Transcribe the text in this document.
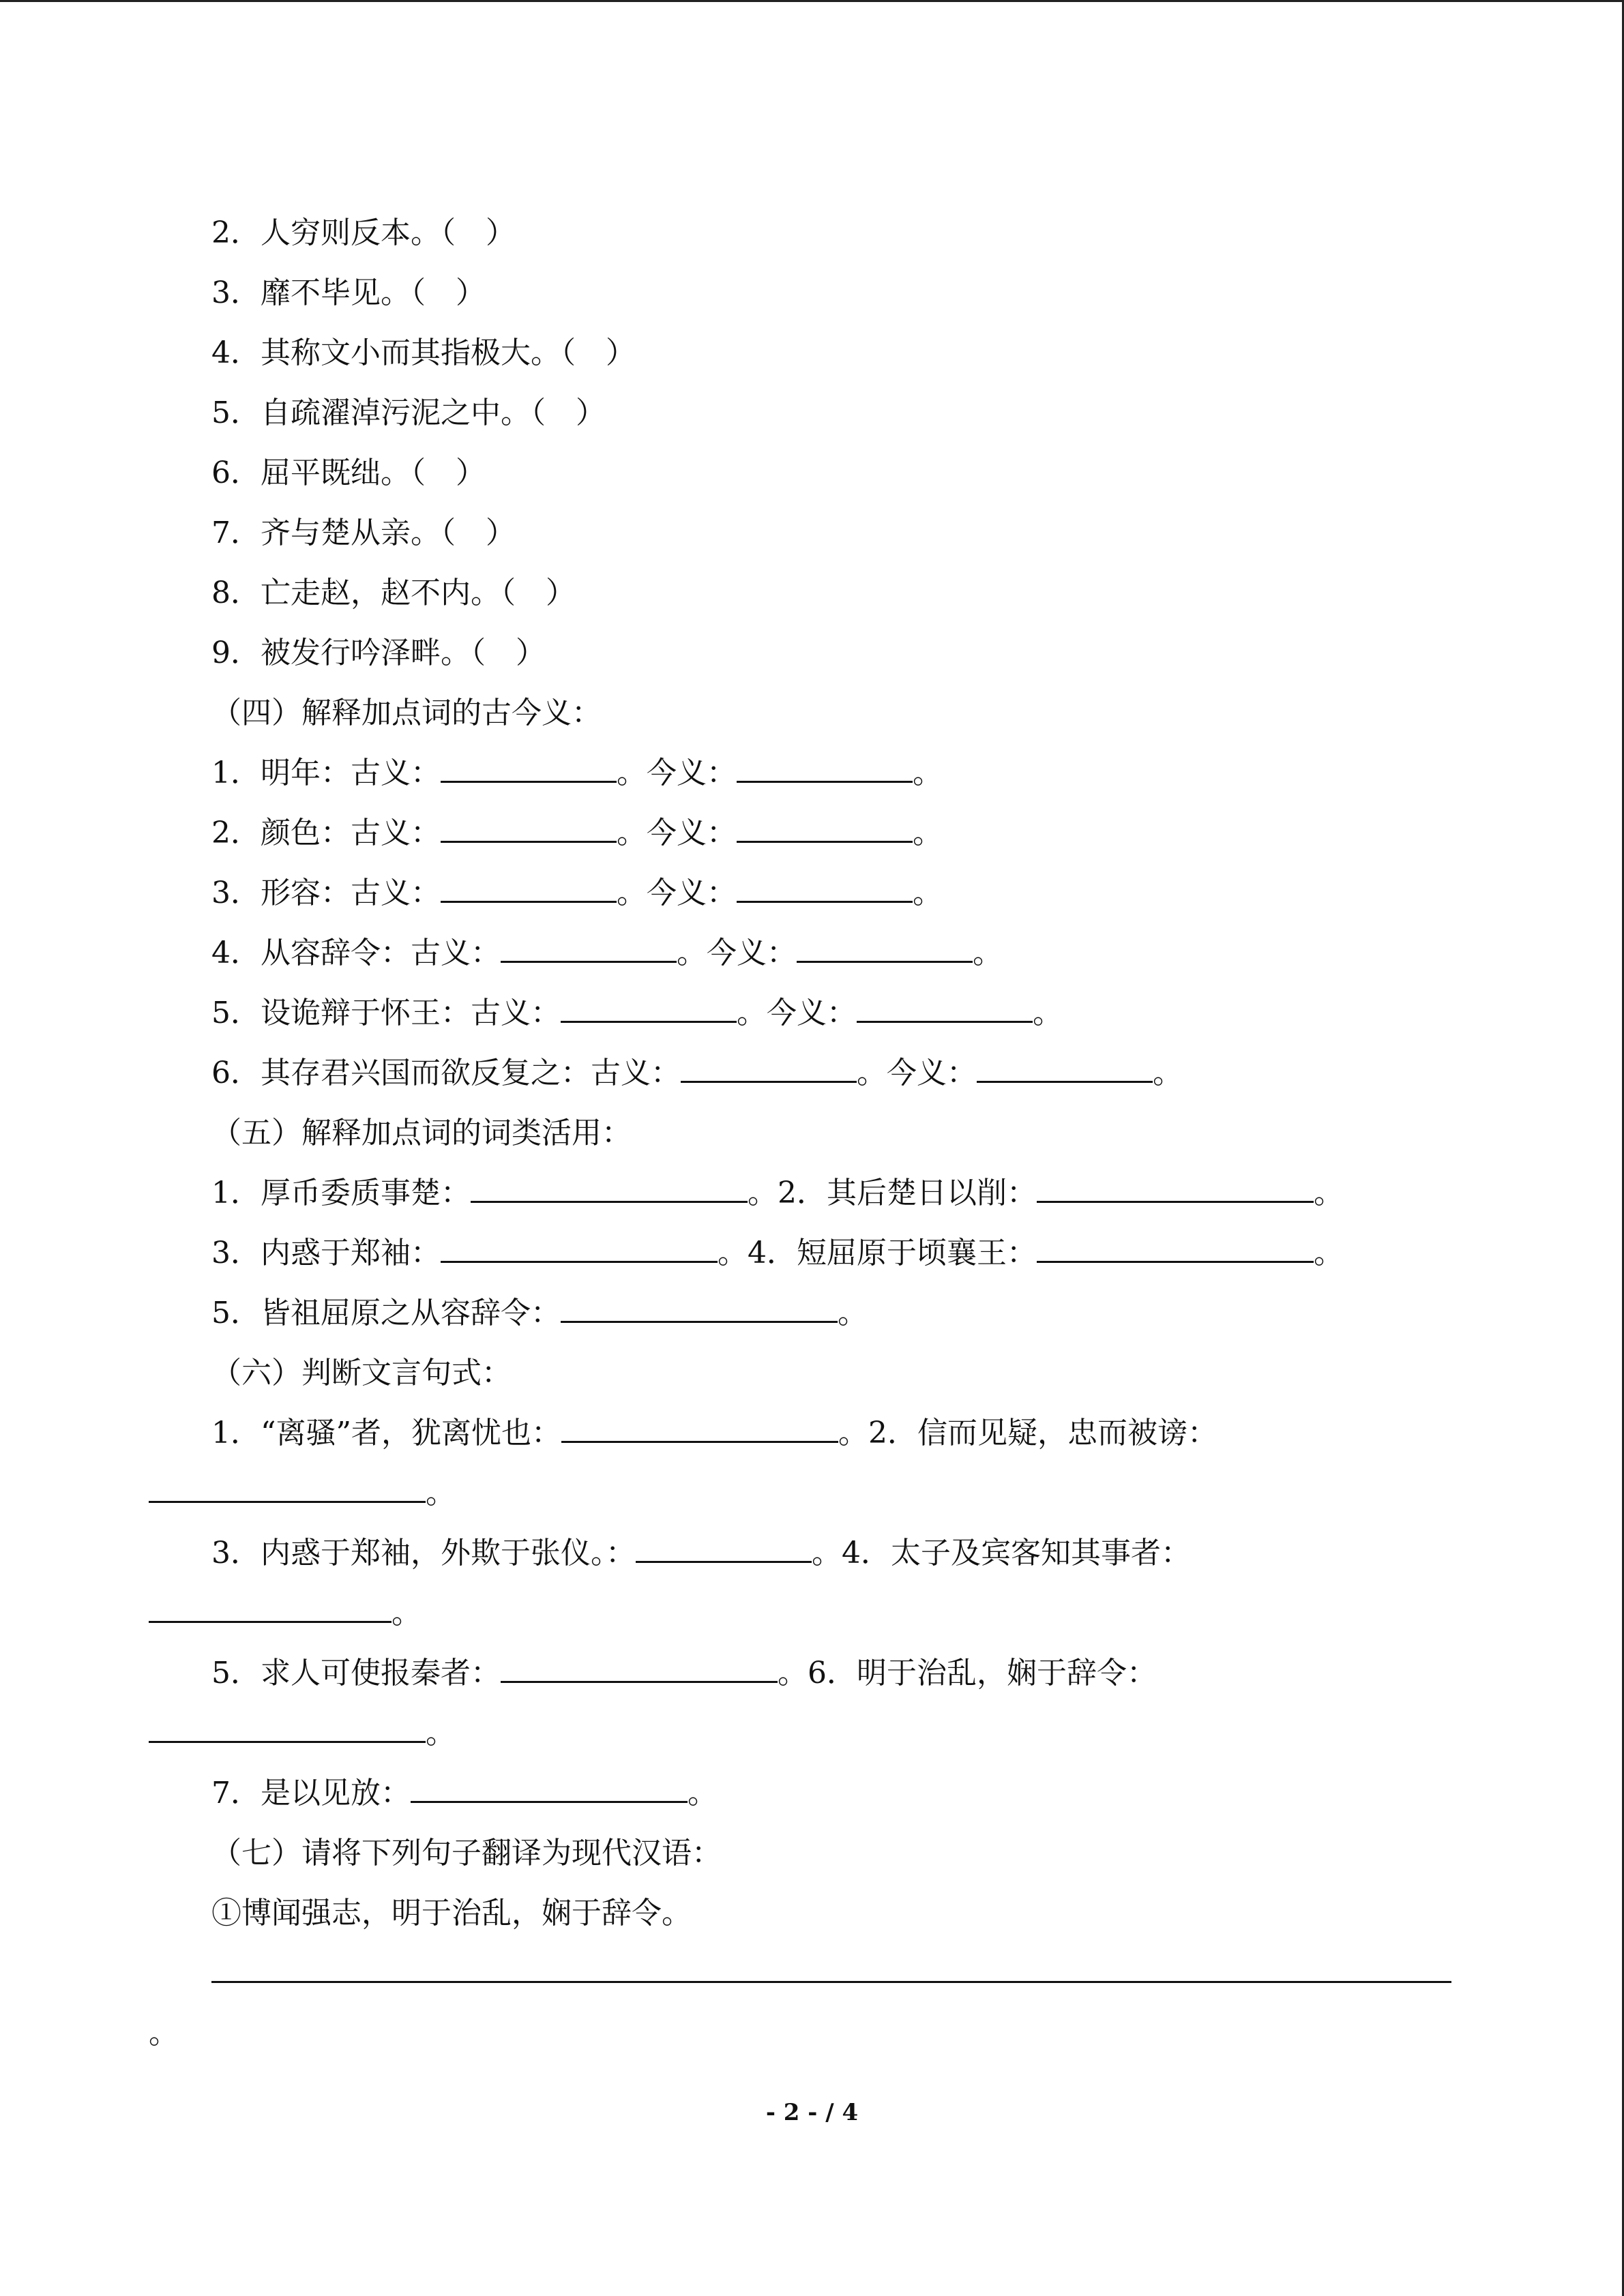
2．人穷则反本。（　）
3．靡不毕见。（　）
4．其称文小而其指极大。（　）
5．自疏濯淖污泥之中。（　）
6．屈平既绌。（　）
7．齐与楚从亲。（　）
8．亡走赵，赵不内。（　）
9．被发行吟泽畔。（　）
（四）解释加点词的古今义：
1．明年：古义：	。今义：	。
2．颜色：古义：	。今义：	。
3．形容：古义：	。今义：	。
4．从容辞令：古义：	。今义：	。
5．设诡辩于怀王：古义：	。今义：	。
6．其存君兴国而欲反复之：古义：	。今义：	。
（五）解释加点词的词类活用：
1．厚币委质事楚：	。2．其后楚日以削：	。
3．内惑于郑袖：	。4．短屈原于顷襄王：	。
5．皆祖屈原之从容辞令：	。
（六）判断文言句式：
1．“离骚”者，犹离忧也：	。2．信而见疑，忠而被谤：
。
3．内惑于郑袖，外欺于张仪。：	。4．太子及宾客知其事者：
。
5．求人可使报秦者：	。6．明于治乱，娴于辞令：
。
7．是以见放：	。
（七）请将下列句子翻译为现代汉语：
①博闻强志，明于治乱，娴于辞令。
。
- 2 - / 4
